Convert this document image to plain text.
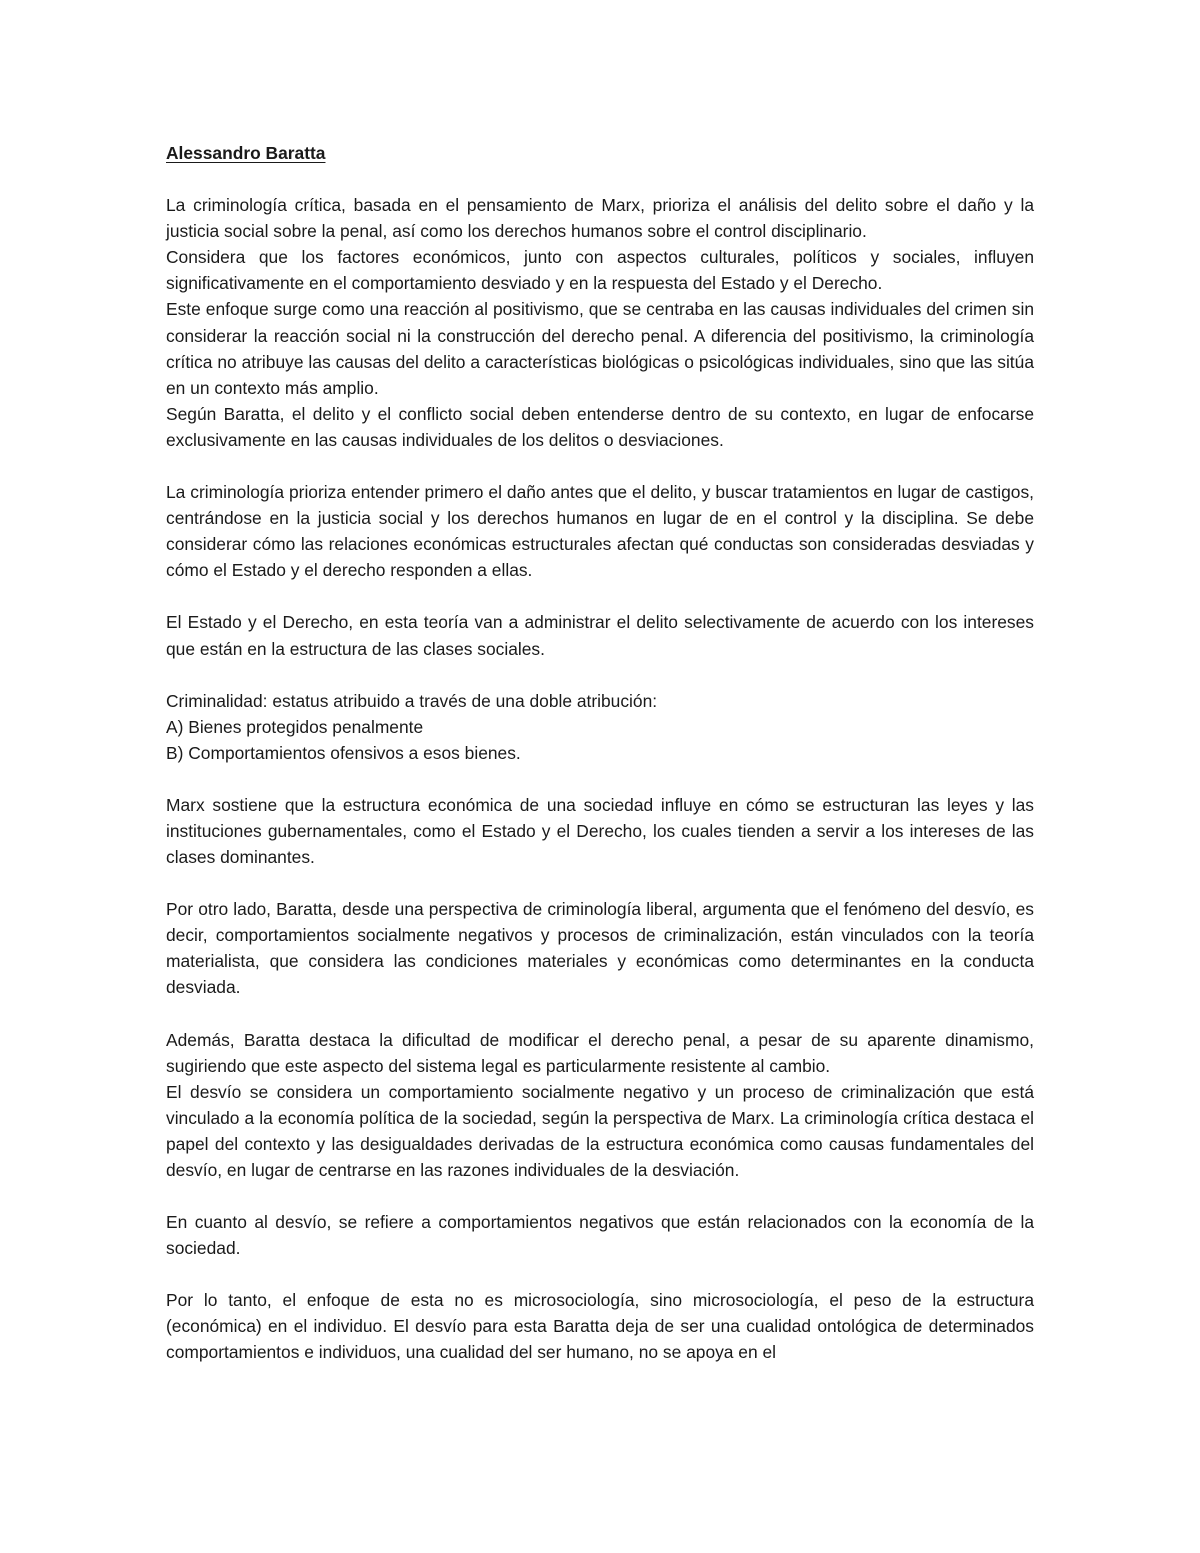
Alessandro Baratta
La criminología crítica, basada en el pensamiento de Marx, prioriza el análisis del delito sobre el daño y la justicia social sobre la penal, así como los derechos humanos sobre el control disciplinario.
Considera que los factores económicos, junto con aspectos culturales, políticos y sociales, influyen significativamente en el comportamiento desviado y en la respuesta del Estado y el Derecho.
Este enfoque surge como una reacción al positivismo, que se centraba en las causas individuales del crimen sin considerar la reacción social ni la construcción del derecho penal. A diferencia del positivismo, la criminología crítica no atribuye las causas del delito a características biológicas o psicológicas individuales, sino que las sitúa en un contexto más amplio.
Según Baratta, el delito y el conflicto social deben entenderse dentro de su contexto, en lugar de enfocarse exclusivamente en las causas individuales de los delitos o desviaciones.
La criminología prioriza entender primero el daño antes que el delito, y buscar tratamientos en lugar de castigos, centrándose en la justicia social y los derechos humanos en lugar de en el control y la disciplina. Se debe considerar cómo las relaciones económicas estructurales afectan qué conductas son consideradas desviadas y cómo el Estado y el derecho responden a ellas.
El Estado y el Derecho, en esta teoría van a administrar el delito selectivamente de acuerdo con los intereses que están en la estructura de las clases sociales.
Criminalidad: estatus atribuido a través de una doble atribución:
A) Bienes protegidos penalmente
B) Comportamientos ofensivos a esos bienes.
Marx sostiene que la estructura económica de una sociedad influye en cómo se estructuran las leyes y las instituciones gubernamentales, como el Estado y el Derecho, los cuales tienden a servir a los intereses de las clases dominantes.
Por otro lado, Baratta, desde una perspectiva de criminología liberal, argumenta que el fenómeno del desvío, es decir, comportamientos socialmente negativos y procesos de criminalización, están vinculados con la teoría materialista, que considera las condiciones materiales y económicas como determinantes en la conducta desviada.
Además, Baratta destaca la dificultad de modificar el derecho penal, a pesar de su aparente dinamismo, sugiriendo que este aspecto del sistema legal es particularmente resistente al cambio.
El desvío se considera un comportamiento socialmente negativo y un proceso de criminalización que está vinculado a la economía política de la sociedad, según la perspectiva de Marx. La criminología crítica destaca el papel del contexto y las desigualdades derivadas de la estructura económica como causas fundamentales del desvío, en lugar de centrarse en las razones individuales de la desviación.
En cuanto al desvío, se refiere a comportamientos negativos que están relacionados con la economía de la sociedad.
Por lo tanto, el enfoque de esta no es microsociología, sino microsociología, el peso de la estructura (económica) en el individuo. El desvío para esta Baratta deja de ser una cualidad ontológica de determinados comportamientos e individuos, una cualidad del ser humano, no se apoya en el
